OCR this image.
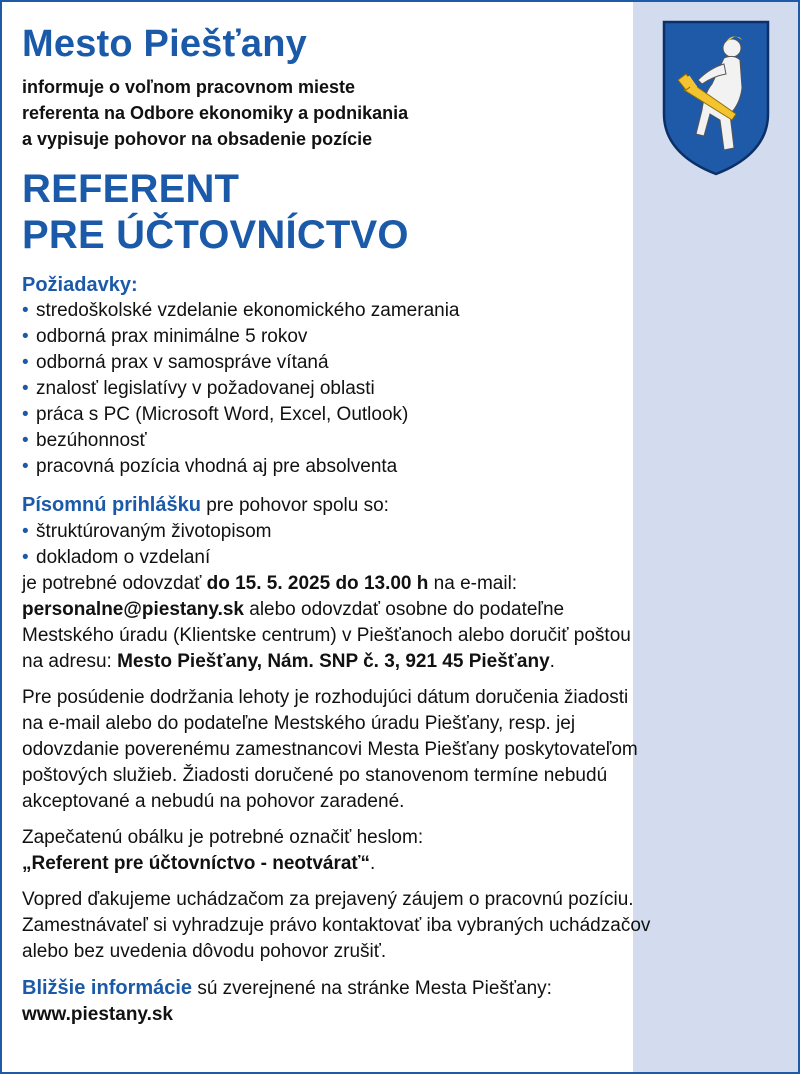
Mesto Piešťany
informuje o voľnom pracovnom mieste
referenta na Odbore ekonomiky a podnikania
a vypisuje pohovor na obsadenie pozície
REFERENT
PRE ÚČTOVNÍCTVO
Požiadavky:
• stredoškolské vzdelanie ekonomického zamerania
• odborná prax minimálne 5 rokov
• odborná prax v samospráve vítaná
• znalosť legislatívy v požadovanej oblasti
• práca s PC (Microsoft Word, Excel, Outlook)
• bezúhonnosť
• pracovná pozícia vhodná aj pre absolventa
Písomnú prihlášku pre pohovor spolu so:
• štruktúrovaným životopisom
• dokladom o vzdelaní
je potrebné odovzdať do 15. 5. 2025 do 13.00 h na e-mail:
personalne@piestany.sk alebo odovzdať osobne do podateľne
Mestského úradu (Klientske centrum) v Piešťanoch alebo doručiť poštou
na adresu: Mesto Piešťany, Nám. SNP č. 3, 921 45 Piešťany.
Pre posúdenie dodržania lehoty je rozhodujúci dátum doručenia žiadosti
na e-mail alebo do podateľne Mestského úradu Piešťany, resp. jej
odovzdanie poverenému zamestnancovi Mesta Piešťany poskytovateľom
poštových služieb. Žiadosti doručené po stanovenom termíne nebudú
akceptované a nebudú na pohovor zaradené.
Zapečatenú obálku je potrebné označiť heslom:
„Referent pre účtovníctvo - neotvárať“.
Vopred ďakujeme uchádzačom za prejavený záujem o pracovnú pozíciu.
Zamestnávateľ si vyhradzuje právo kontaktovať iba vybraných uchádzačov
alebo bez uvedenia dôvodu pohovor zrušiť.
Bližšie informácie sú zverejnené na stránke Mesta Piešťany:
www.piestany.sk
